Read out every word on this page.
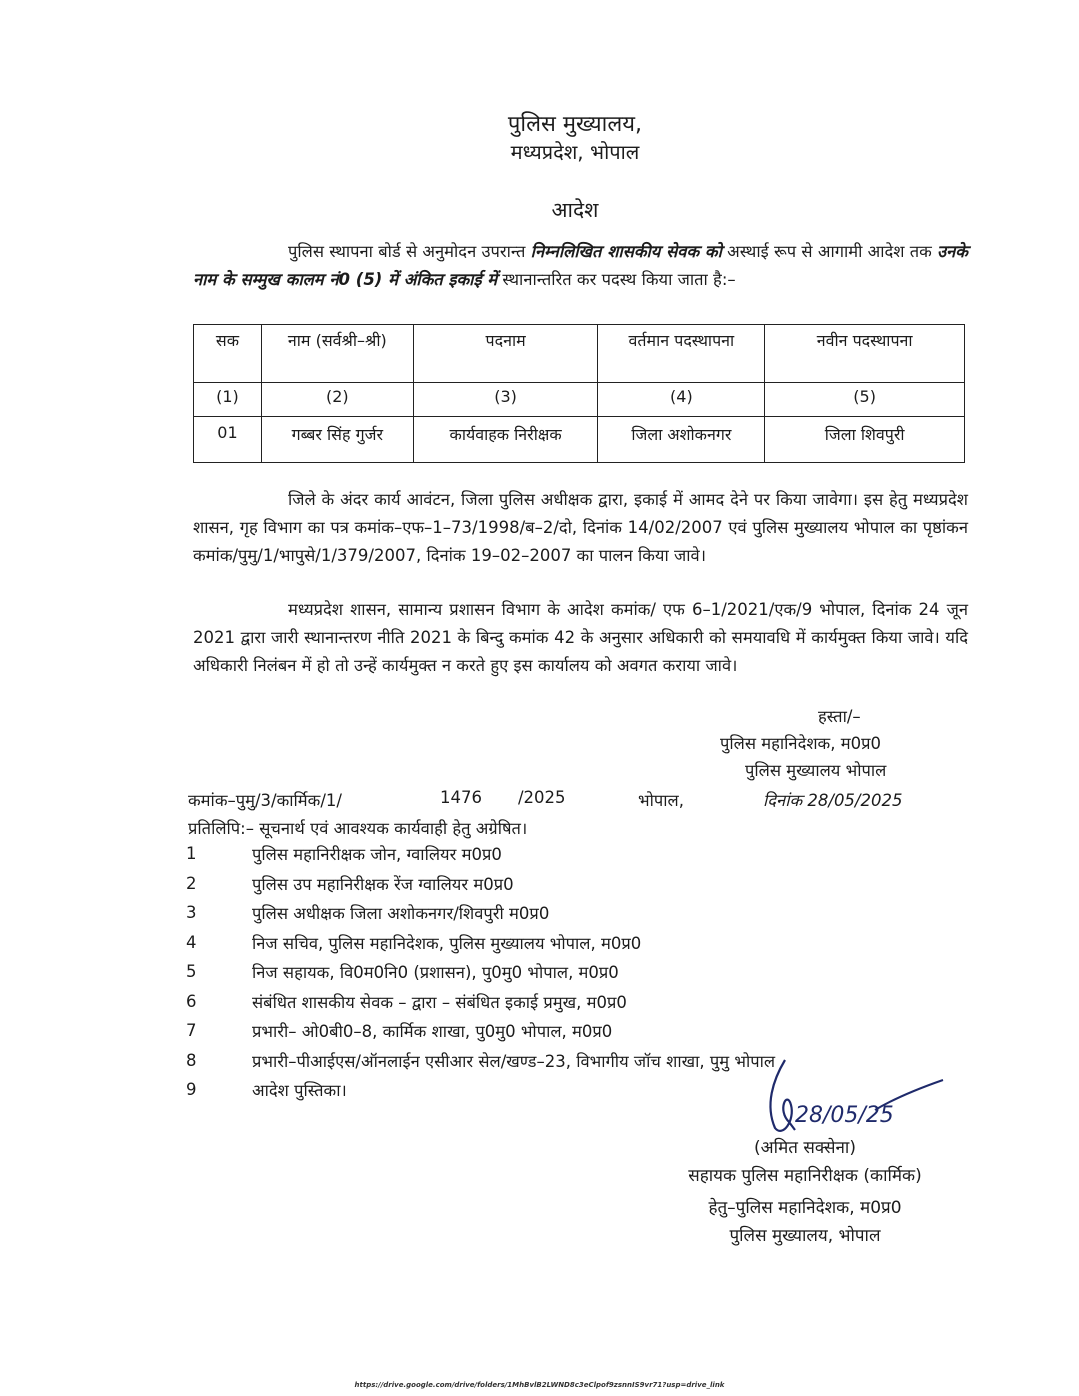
पुलिस मुख्यालय,
मध्यप्रदेश, भोपाल
आदेश
पुलिस स्थापना बोर्ड से अनुमोदन उपरान्त निम्नलिखित शासकीय सेवक को अस्थाई रूप से आगामी आदेश तक उनके नाम के सम्मुख कालम नं0 (5) में अंकित इकाई में स्थानान्तरित कर पदस्थ किया जाता है:–
सक	नाम (सर्वश्री–श्री)	पदनाम	वर्तमान पदस्थापना	नवीन पदस्थापना
(1)	(2)	(3)	(4)	(5)
01	गब्बर सिंह गुर्जर	कार्यवाहक निरीक्षक	जिला अशोकनगर	जिला शिवपुरी
जिले के अंदर कार्य आवंटन, जिला पुलिस अधीक्षक द्वारा, इकाई में आमद देने पर किया जावेगा। इस हेतु मध्यप्रदेश शासन, गृह विभाग का पत्र कमांक–एफ–1–73/1998/ब–2/दो, दिनांक 14/02/2007 एवं पुलिस मुख्यालय भोपाल का पृष्ठांकन कमांक/पुमु/1/भापुसे/1/379/2007, दिनांक 19–02–2007 का पालन किया जावे।
मध्यप्रदेश शासन, सामान्य प्रशासन विभाग के आदेश कमांक/ एफ 6–1/2021/एक/9 भोपाल, दिनांक 24 जून 2021 द्वारा जारी स्थानान्तरण नीति 2021 के बिन्दु कमांक 42 के अनुसार अधिकारी को समयावधि में कार्यमुक्त किया जावे। यदि अधिकारी निलंबन में हो तो उन्हें कार्यमुक्त न करते हुए इस कार्यालय को अवगत कराया जावे।
हस्ता/–
पुलिस महानिदेशक, म0प्र0
पुलिस मुख्यालय भोपाल
कमांक–पुमु/3/कार्मिक/1/	1476 /2025	भोपाल,	दिनांक 28/05/2025
प्रतिलिपि:– सूचनार्थ एवं आवश्यक कार्यवाही हेतु अग्रेषित।
1	पुलिस महानिरीक्षक जोन, ग्वालियर म0प्र0
2	पुलिस उप महानिरीक्षक रेंज ग्वालियर म0प्र0
3	पुलिस अधीक्षक जिला अशोकनगर/शिवपुरी म0प्र0
4	निज सचिव, पुलिस महानिदेशक, पुलिस मुख्यालय भोपाल, म0प्र0
5	निज सहायक, वि0म0नि0 (प्रशासन), पु0मु0 भोपाल, म0प्र0
6	संबंधित शासकीय सेवक – द्वारा – संबंधित इकाई प्रमुख, म0प्र0
7	प्रभारी– ओ0बी0–8, कार्मिक शाखा, पु0मु0 भोपाल, म0प्र0
8	प्रभारी–पीआईएस/ऑनलाईन एसीआर सेल/खण्ड–23, विभागीय जॉच शाखा, पुमु भोपाल
9	आदेश पुस्तिका।
28/05/25
(अमित सक्सेना)
सहायक पुलिस महानिरीक्षक (कार्मिक)
हेतु–पुलिस महानिदेशक, म0प्र0
पुलिस मुख्यालय, भोपाल
https://drive.google.com/drive/folders/1MhBvlB2LWND8c3eClpof9zsnnIS9vr71?usp=drive_link
